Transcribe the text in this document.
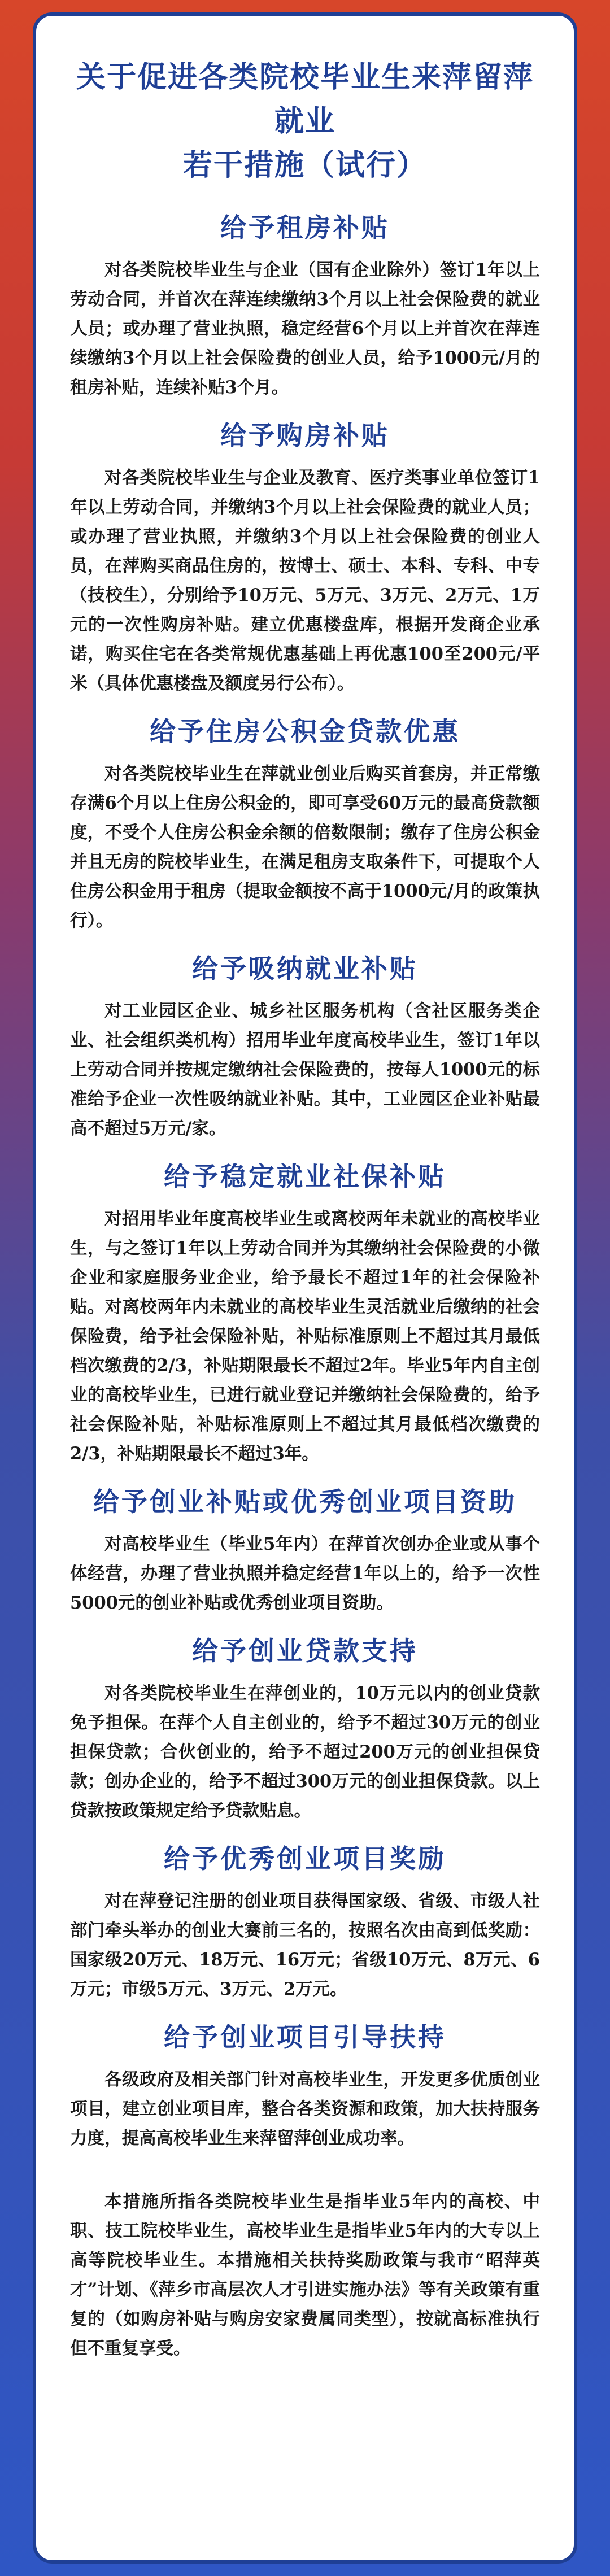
关于促进各类院校毕业生来萍留萍就业
若干措施（试行）
给予租房补贴

对各类院校毕业生与企业（国有企业除外）签订1年以上劳动合同，并首次在萍连续缴纳3个月以上社会保险费的就业人员；或办理了营业执照，稳定经营6个月以上并首次在萍连续缴纳3个月以上社会保险费的创业人员，给予1000元/月的租房补贴，连续补贴3个月。

给予购房补贴

对各类院校毕业生与企业及教育、医疗类事业单位签订1年以上劳动合同，并缴纳3个月以上社会保险费的就业人员；或办理了营业执照，并缴纳3个月以上社会保险费的创业人员，在萍购买商品住房的，按博士、硕士、本科、专科、中专（技校生），分别给予10万元、5万元、3万元、2万元、1万元的一次性购房补贴。建立优惠楼盘库，根据开发商企业承诺，购买住宅在各类常规优惠基础上再优惠100至200元/平米（具体优惠楼盘及额度另行公布）。

给予住房公积金贷款优惠

对各类院校毕业生在萍就业创业后购买首套房，并正常缴存满6个月以上住房公积金的，即可享受60万元的最高贷款额度，不受个人住房公积金余额的倍数限制；缴存了住房公积金并且无房的院校毕业生，在满足租房支取条件下，可提取个人住房公积金用于租房（提取金额按不高于1000元/月的政策执行）。

给予吸纳就业补贴

对工业园区企业、城乡社区服务机构（含社区服务类企业、社会组织类机构）招用毕业年度高校毕业生，签订1年以上劳动合同并按规定缴纳社会保险费的，按每人1000元的标准给予企业一次性吸纳就业补贴。其中，工业园区企业补贴最高不超过5万元/家。

给予稳定就业社保补贴

对招用毕业年度高校毕业生或离校两年未就业的高校毕业生，与之签订1年以上劳动合同并为其缴纳社会保险费的小微企业和家庭服务业企业，给予最长不超过1年的社会保险补贴。对离校两年内未就业的高校毕业生灵活就业后缴纳的社会保险费，给予社会保险补贴，补贴标准原则上不超过其月最低档次缴费的2/3，补贴期限最长不超过2年。毕业5年内自主创业的高校毕业生，已进行就业登记并缴纳社会保险费的，给予社会保险补贴，补贴标准原则上不超过其月最低档次缴费的2/3，补贴期限最长不超过3年。

给予创业补贴或优秀创业项目资助

对高校毕业生（毕业5年内）在萍首次创办企业或从事个体经营，办理了营业执照并稳定经营1年以上的，给予一次性5000元的创业补贴或优秀创业项目资助。

给予创业贷款支持

对各类院校毕业生在萍创业的，10万元以内的创业贷款免予担保。在萍个人自主创业的，给予不超过30万元的创业担保贷款；合伙创业的，给予不超过200万元的创业担保贷款；创办企业的，给予不超过300万元的创业担保贷款。以上贷款按政策规定给予贷款贴息。

给予优秀创业项目奖励

对在萍登记注册的创业项目获得国家级、省级、市级人社部门牵头举办的创业大赛前三名的，按照名次由高到低奖励：国家级20万元、18万元、16万元；省级10万元、8万元、6万元；市级5万元、3万元、2万元。

给予创业项目引导扶持

各级政府及相关部门针对高校毕业生，开发更多优质创业项目，建立创业项目库，整合各类资源和政策，加大扶持服务力度，提高高校毕业生来萍留萍创业成功率。

本措施所指各类院校毕业生是指毕业5年内的高校、中职、技工院校毕业生，高校毕业生是指毕业5年内的大专以上高等院校毕业生。本措施相关扶持奖励政策与我市“昭萍英才”计划、《萍乡市高层次人才引进实施办法》等有关政策有重复的（如购房补贴与购房安家费属同类型），按就高标准执行但不重复享受。
